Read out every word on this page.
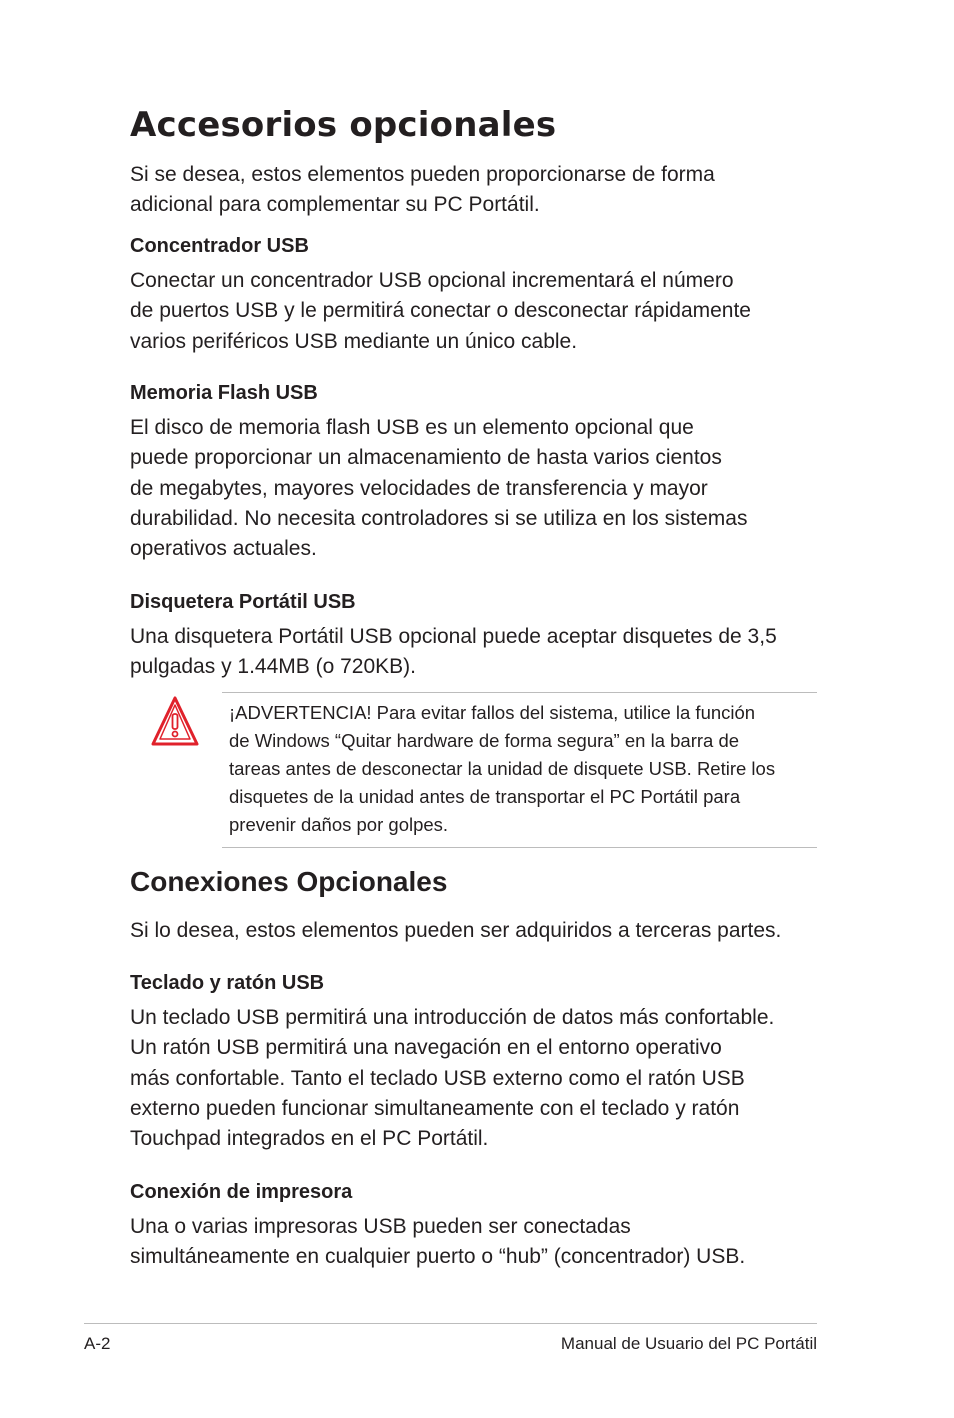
Accesorios opcionales
Si se desea, estos elementos pueden proporcionarse de forma
adicional para complementar su PC Portátil.
Concentrador USB
Conectar un concentrador USB opcional incrementará el número
de puertos USB y le permitirá conectar o desconectar rápidamente
varios periféricos USB mediante un único cable.
Memoria Flash USB
El disco de memoria flash USB es un elemento opcional que
puede proporcionar un almacenamiento de hasta varios cientos
de megabytes, mayores velocidades de transferencia y mayor
durabilidad. No necesita controladores si se utiliza en los sistemas
operativos actuales.
Disquetera Portátil USB
Una disquetera Portátil USB opcional puede aceptar disquetes de 3,5
pulgadas y 1.44MB (o 720KB).
¡ADVERTENCIA! Para evitar fallos del sistema, utilice la función
de Windows “Quitar hardware de forma segura” en la barra de
tareas antes de desconectar la unidad de disquete USB. Retire los
disquetes de la unidad antes de transportar el PC Portátil para
prevenir daños por golpes.
Conexiones Opcionales
Si lo desea, estos elementos pueden ser adquiridos a terceras partes.
Teclado y ratón USB
Un teclado USB permitirá una introducción de datos más confortable.
Un ratón USB permitirá una navegación en el entorno operativo
más confortable. Tanto el teclado USB externo como el ratón USB
externo pueden funcionar simultaneamente con el teclado y ratón
Touchpad integrados en el PC Portátil.
Conexión de impresora
Una o varias impresoras USB pueden ser conectadas
simultáneamente en cualquier puerto o “hub” (concentrador) USB.
A-2	Manual de Usuario del PC Portátil
